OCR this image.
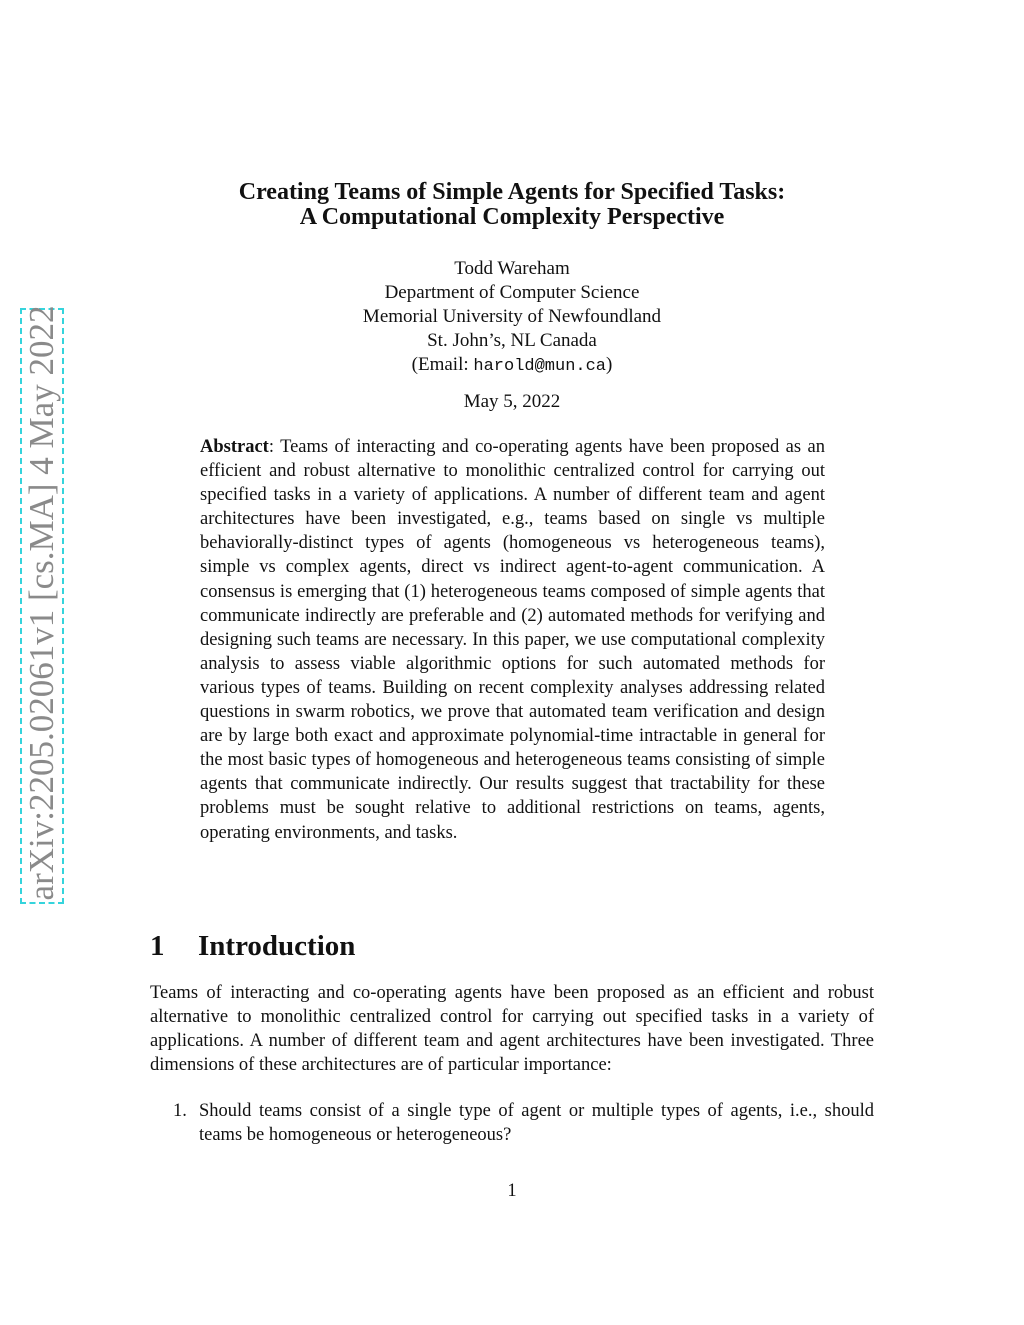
arXiv:2205.02061v1 [cs.MA] 4 May 2022
Creating Teams of Simple Agents for Specified Tasks:
A Computational Complexity Perspective
Todd Wareham
Department of Computer Science
Memorial University of Newfoundland
St. John’s, NL Canada
(Email: harold@mun.ca)
May 5, 2022

Abstract: Teams of interacting and co-operating agents have been proposed as an efficient and robust alternative to monolithic centralized control for carrying out specified tasks in a variety of applications. A number of different team and agent architectures have been investigated, e.g., teams based on single vs multiple behaviorally-distinct types of agents (homogeneous vs heterogeneous teams), simple vs complex agents, direct vs indirect agent-to-agent communication. A consensus is emerging that (1) heterogeneous teams composed of simple agents that communicate indirectly are preferable and (2) automated methods for verifying and designing such teams are necessary. In this paper, we use computational complexity analysis to assess viable algorithmic options for such automated methods for various types of teams. Building on recent complexity analyses addressing related questions in swarm robotics, we prove that automated team verification and design are by large both exact and approximate polynomial-time intractable in general for the most basic types of homogeneous and heterogeneous teams consisting of simple agents that communicate indirectly. Our results suggest that tractability for these problems must be sought relative to additional restrictions on teams, agents, operating environments, and tasks.

1 Introduction

Teams of interacting and co-operating agents have been proposed as an efficient and robust alternative to monolithic centralized control for carrying out specified tasks in a variety of applications. A number of different team and agent architectures have been investigated. Three dimensions of these architectures are of particular importance:

1. Should teams consist of a single type of agent or multiple types of agents, i.e., should teams be homogeneous or heterogeneous?
1
